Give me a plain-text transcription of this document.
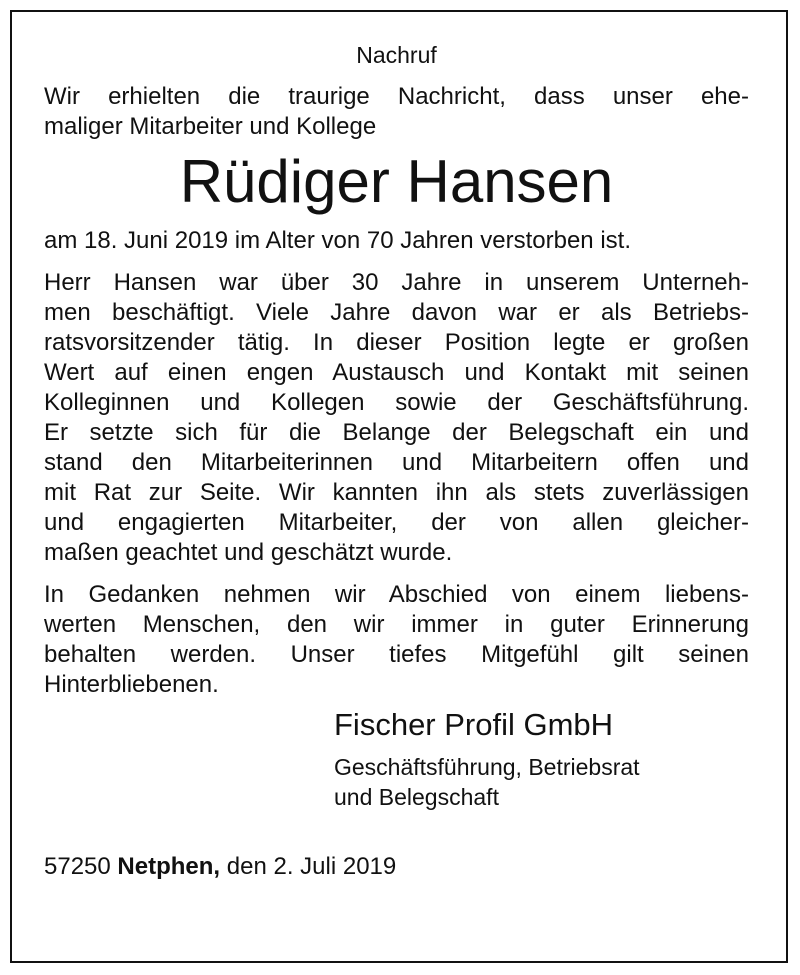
Nachruf
Wir erhielten die traurige Nachricht, dass unser ehe-
maliger Mitarbeiter und Kollege
Rüdiger Hansen
am 18. Juni 2019 im Alter von 70 Jahren verstorben ist.
Herr Hansen war über 30 Jahre in unserem Unterneh-
men beschäftigt. Viele Jahre davon war er als Betriebs-
ratsvorsitzender tätig. In dieser Position legte er großen
Wert auf einen engen Austausch und Kontakt mit seinen
Kolleginnen und Kollegen sowie der Geschäftsführung.
Er setzte sich für die Belange der Belegschaft ein und
stand den Mitarbeiterinnen und Mitarbeitern offen und
mit Rat zur Seite. Wir kannten ihn als stets zuverlässigen
und engagierten Mitarbeiter, der von allen gleicher-
maßen geachtet und geschätzt wurde.
In Gedanken nehmen wir Abschied von einem liebens-
werten Menschen, den wir immer in guter Erinnerung
behalten werden. Unser tiefes Mitgefühl gilt seinen
Hinterbliebenen.
Fischer Profil GmbH
Geschäftsführung, Betriebsrat
und Belegschaft
57250 Netphen, den 2. Juli 2019
